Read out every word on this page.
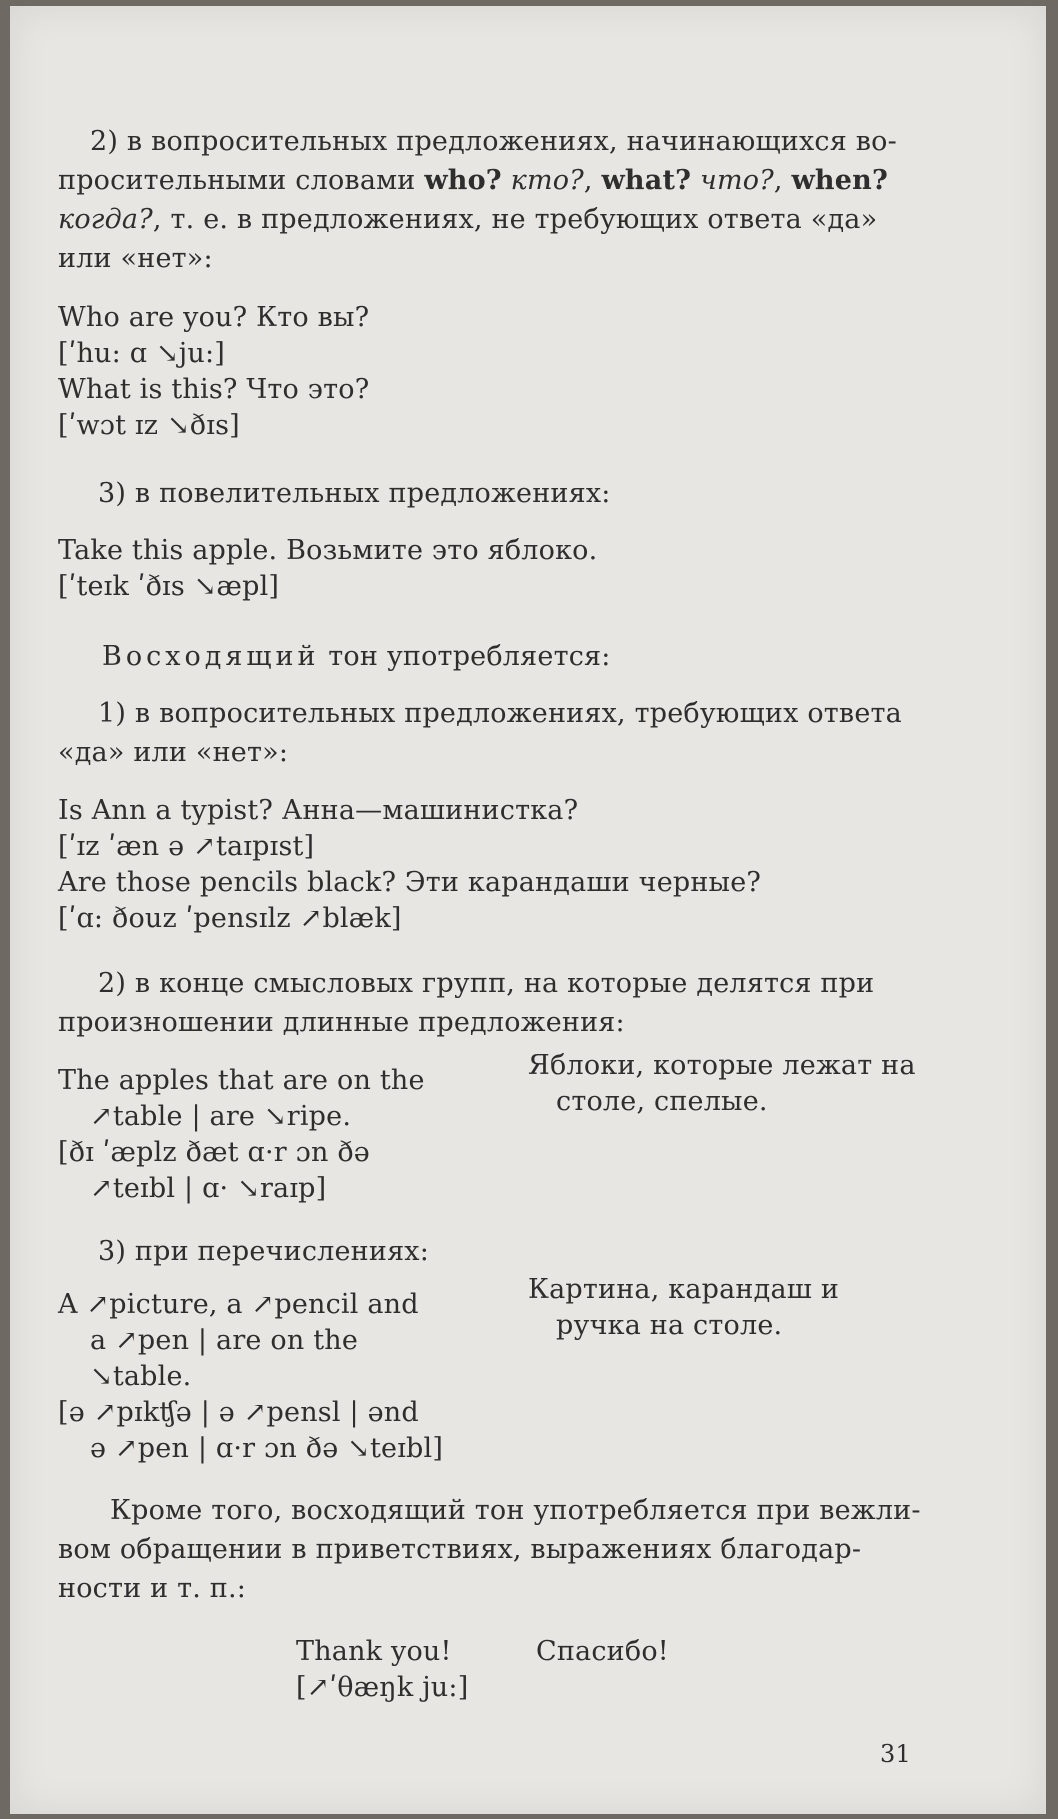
2) в вопросительных предложениях, начинающихся во-
просительными словами who? кто?, what? что?, when?
когда?, т. е. в предложениях, не требующих ответа «да»
или «нет»:
Who are you? Кто вы?
[ʹhu: ɑ ↘ju:]
What is this? Что это?
[ʹwɔt ɪz ↘ðɪs]
3) в повелительных предложениях:
Take this apple. Возьмите это яблоко.
[ʹteɪk ʹðɪs ↘æpl]
Восходящий тон употребляется:
1) в вопросительных предложениях, требующих ответа
«да» или «нет»:
Is Ann a typist? Анна—машинистка?
[ʹɪz ʹæn ə ↗taɪpɪst]
Are those pencils black? Эти карандаши черные?
[ʹɑ: ðouz ʹpensɪlz ↗blæk]
2) в конце смысловых групп, на которые делятся при
произношении длинные предложения:
The apples that are on the
↗table | are ↘ripe.
[ðɪ ʹæplz ðæt ɑ·r ɔn ðə
↗teɪbl | ɑ· ↘raɪp]
Яблоки, которые лежат на
столе, спелые.
3) при перечислениях:
A ↗picture, a ↗pencil and
a ↗pen | are on the
↘table.
[ə ↗pɪkʧə | ə ↗pensl | ənd
ə ↗pen | ɑ·r ɔn ðə ↘teɪbl]
Картина, карандаш и
ручка на столе.
Кроме того, восходящий тон употребляется при вежли-
вом обращении в приветствиях, выражениях благодар-
ности и т. п.:
Thank you!	Спасибо!
[↗ʹθæŋk ju:]
31
